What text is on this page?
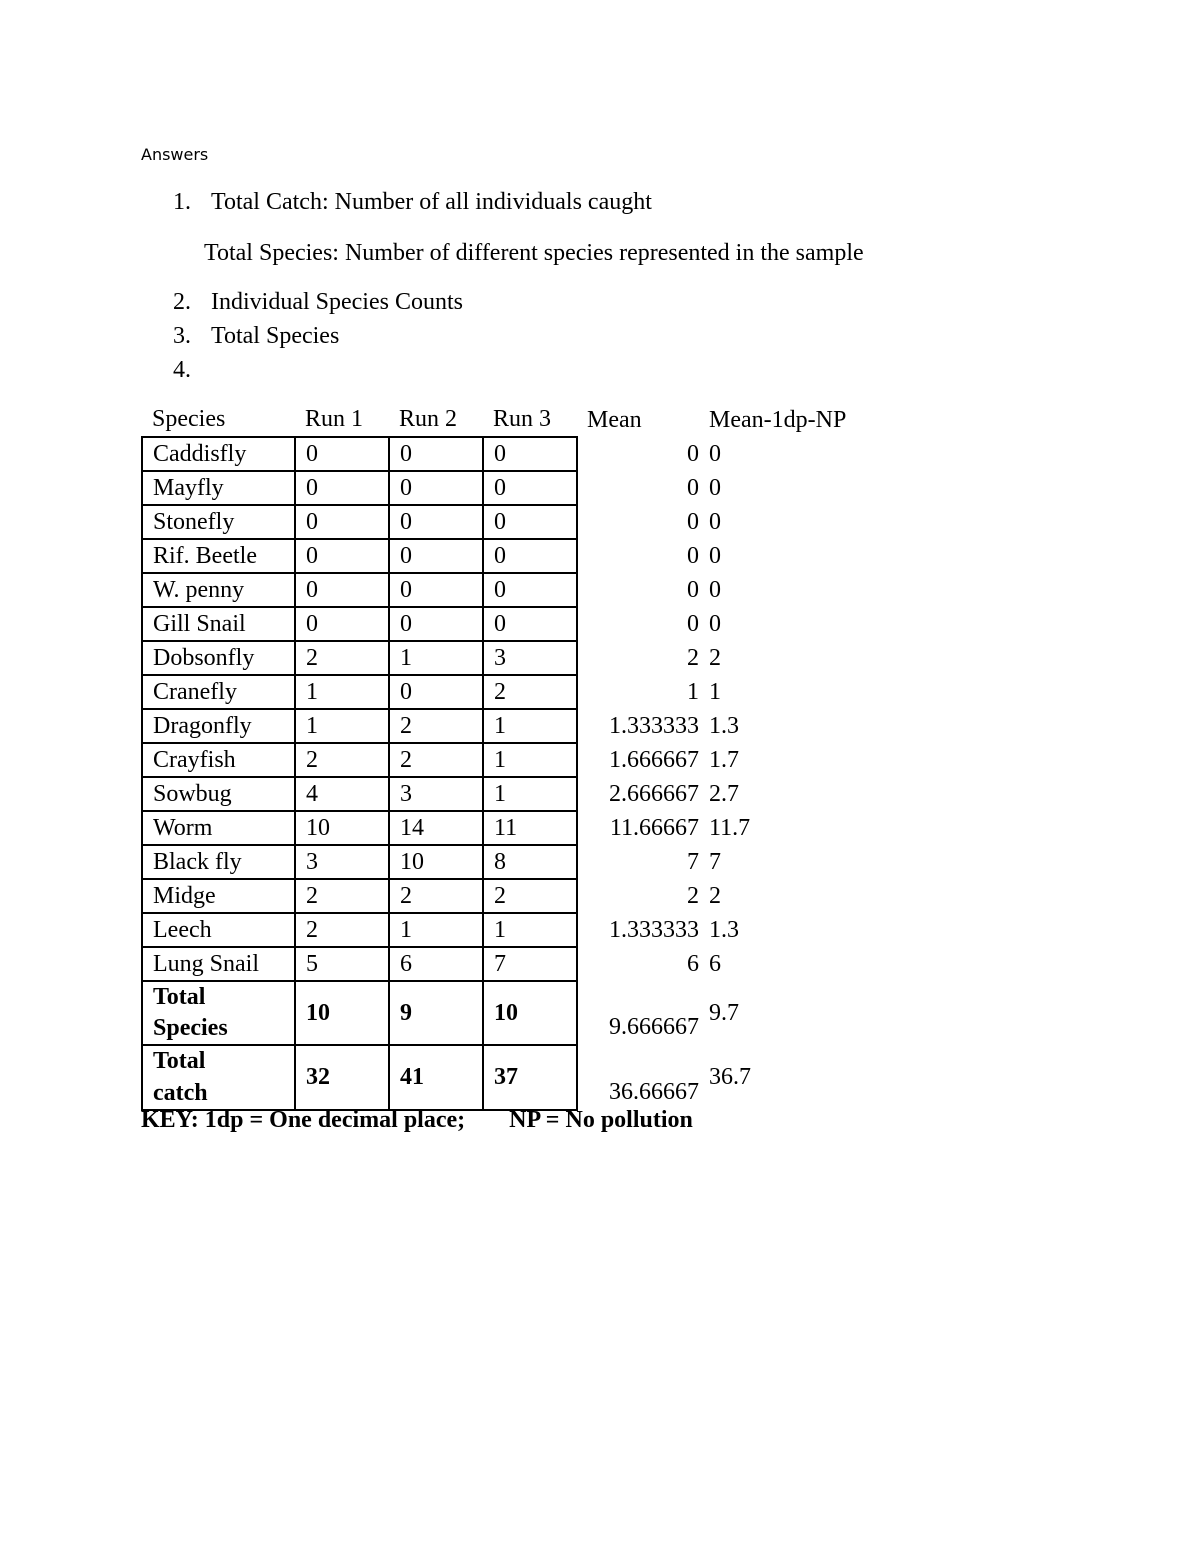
Answers
1. Total Catch: Number of all individuals caught
Total Species: Number of different species represented in the sample
2. Individual Species Counts
3. Total Species
4.
Species	Run 1	Run 2	Run 3	Mean	Mean-1dp-NP
Caddisfly	0	0	0	0	0
Mayfly	0	0	0	0	0
Stonefly	0	0	0	0	0
Rif. Beetle	0	0	0	0	0
W. penny	0	0	0	0	0
Gill Snail	0	0	0	0	0
Dobsonfly	2	1	3	2	2
Cranefly	1	0	2	1	1
Dragonfly	1	2	1	1.333333	1.3
Crayfish	2	2	1	1.666667	1.7
Sowbug	4	3	1	2.666667	2.7
Worm	10	14	11	11.66667	11.7
Black fly	3	10	8	7	7
Midge	2	2	2	2	2
Leech	2	1	1	1.333333	1.3
Lung Snail	5	6	7	6	6
Total
Species	10	9	10	9.666667	9.7
Total
catch	32	41	37	36.66667	36.7
KEY: 1dp = One decimal place; NP = No pollution
